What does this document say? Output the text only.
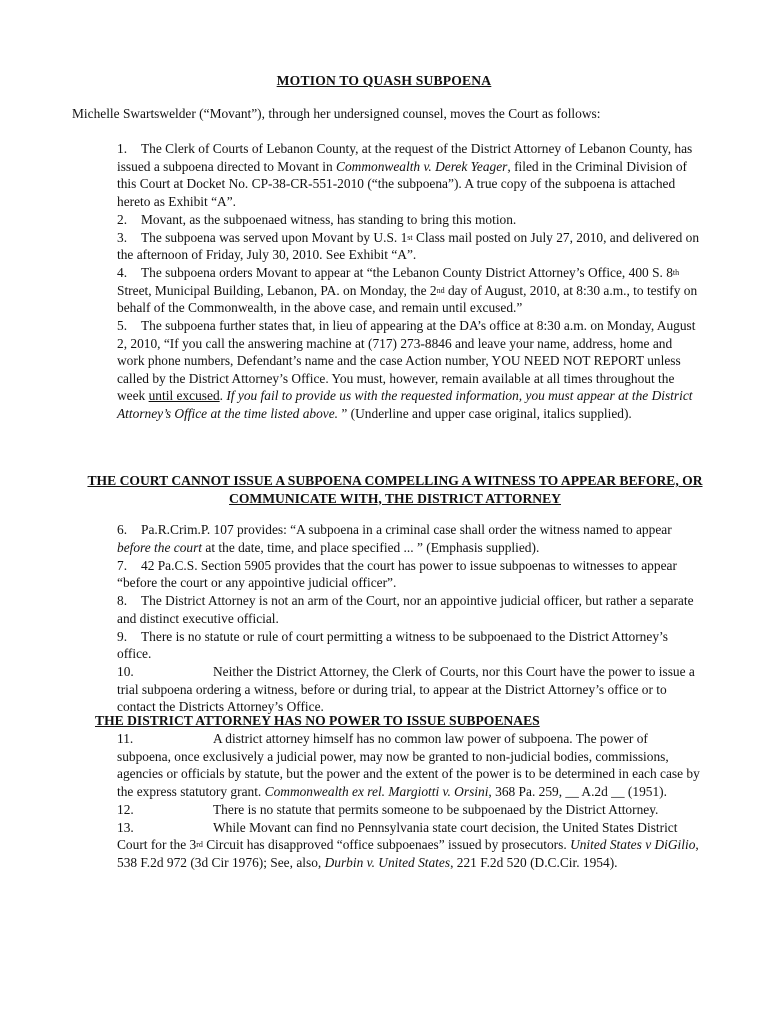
MOTION TO QUASH SUBPOENA
Michelle Swartswelder (“Movant”), through her undersigned counsel, moves the Court as follows:
1. The Clerk of Courts of Lebanon County, at the request of the District Attorney of Lebanon County, has issued a subpoena directed to Movant in Commonwealth v. Derek Yeager, filed in the Criminal Division of this Court at Docket No. CP-38-CR-551-2010 (“the subpoena”). A true copy of the subpoena is attached hereto as Exhibit “A”.
2. Movant, as the subpoenaed witness, has standing to bring this motion.
3. The subpoena was served upon Movant by U.S. 1st Class mail posted on July 27, 2010, and delivered on the afternoon of Friday, July 30, 2010. See Exhibit “A”.
4. The subpoena orders Movant to appear at “the Lebanon County District Attorney’s Office, 400 S. 8th Street, Municipal Building, Lebanon, PA. on Monday, the 2nd day of August, 2010, at 8:30 a.m., to testify on behalf of the Commonwealth, in the above case, and remain until excused.”
5. The subpoena further states that, in lieu of appearing at the DA’s office at 8:30 a.m. on Monday, August 2, 2010, “If you call the answering machine at (717) 273-8846 and leave your name, address, home and work phone numbers, Defendant’s name and the case Action number, YOU NEED NOT REPORT unless called by the District Attorney’s Office. You must, however, remain available at all times throughout the week until excused. If you fail to provide us with the requested information, you must appear at the District Attorney’s Office at the time listed above. ” (Underline and upper case original, italics supplied).
THE COURT CANNOT ISSUE A SUBPOENA COMPELLING A WITNESS TO APPEAR BEFORE, OR COMMUNICATE WITH, THE DISTRICT ATTORNEY
6. Pa.R.Crim.P. 107 provides: “A subpoena in a criminal case shall order the witness named to appear before the court at the date, time, and place specified ... ” (Emphasis supplied).
7. 42 Pa.C.S. Section 5905 provides that the court has power to issue subpoenas to witnesses to appear “before the court or any appointive judicial officer”.
8. The District Attorney is not an arm of the Court, nor an appointive judicial officer, but rather a separate and distinct executive official.
9. There is no statute or rule of court permitting a witness to be subpoenaed to the District Attorney’s office.
10.	Neither the District Attorney, the Clerk of Courts, nor this Court have the power to issue a trial subpoena ordering a witness, before or during trial, to appear at the District Attorney’s office or to contact the Districts Attorney’s Office.
THE DISTRICT ATTORNEY HAS NO POWER TO ISSUE SUBPOENAES
11.	A district attorney himself has no common law power of subpoena. The power of subpoena, once exclusively a judicial power, may now be granted to non-judicial bodies, commissions, agencies or officials by statute, but the power and the extent of the power is to be determined in each case by the express statutory grant. Commonwealth ex rel. Margiotti v. Orsini, 368 Pa. 259, __ A.2d __ (1951).
12.	There is no statute that permits someone to be subpoenaed by the District Attorney.
13.	While Movant can find no Pennsylvania state court decision, the United States District Court for the 3rd Circuit has disapproved “office subpoenaes” issued by prosecutors. United States v DiGilio, 538 F.2d 972 (3d Cir 1976); See, also, Durbin v. United States, 221 F.2d 520 (D.C.Cir. 1954).
